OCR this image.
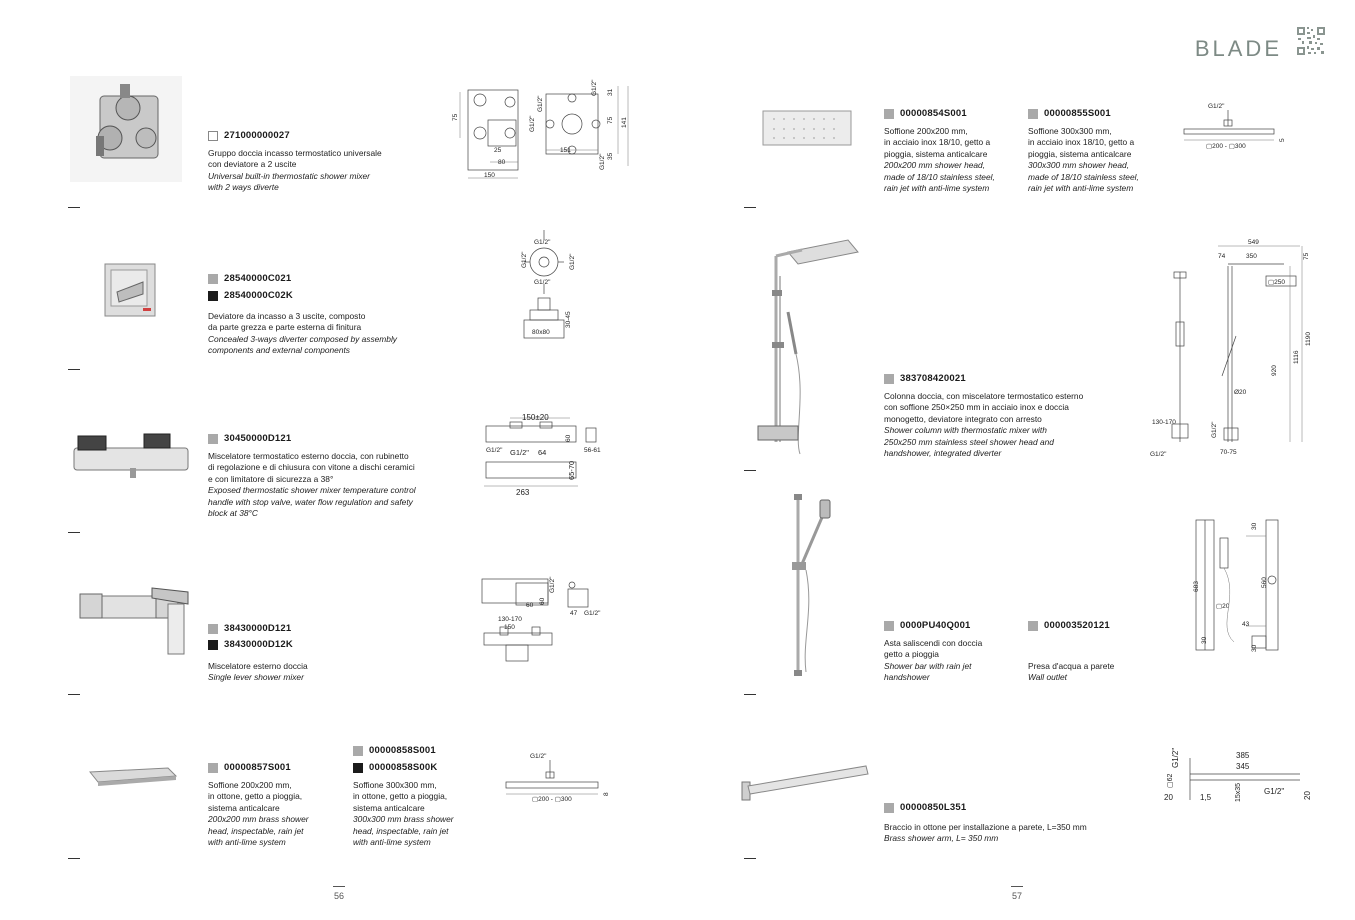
BLADE
271000000027
Gruppo doccia incasso termostatico universale
con deviatore a 2 uscite
Universal built-in thermostatic shower mixer
with 2 ways diverte
75
25
80
150
G1/2"
G1/2"
G1/2"
G1/2"
151
31
75 141
35
28540000C021
28540000C02K
Deviatore da incasso a 3 uscite, composto
da parte grezza e parte esterna di finitura
Concealed 3-ways diverter composed by assembly
components and external components
G1/2"
G1/2"	G1/2"
G1/2"
80x80
30-45
30450000D121
Miscelatore termostatico esterno doccia, con rubinetto
di regolazione e di chiusura con vitone a dischi ceramici
e con limitatore di sicurezza a 38°
Exposed thermostatic shower mixer temperature control
handle with stop valve, water flow regulation and safety
block at 38°C
150±20
60
56-61
G1/2" G1/2" 64
65-70
263
38430000D121
38430000D12K
Miscelatore esterno doccia
Single lever shower mixer
G1/2"
60
60
47 G1/2"
130-170
150
00000857S001
Soffione 200x200 mm,
in ottone, getto a pioggia,
sistema anticalcare
200x200 mm brass shower
head, inspectable, rain jet
with anti-lime system
00000858S001
00000858S00K
Soffione 300x300 mm,
in ottone, getto a pioggia,
sistema anticalcare
300x300 mm brass shower
head, inspectable, rain jet
with anti-lime system
G1/2"
▢200 - ▢300
8
56
00000854S001
Soffione 200x200 mm,
in acciaio inox 18/10, getto a
pioggia, sistema anticalcare
200x200 mm shower head,
made of 18/10 stainless steel,
rain jet with anti-lime system
00000855S001
Soffione 300x300 mm,
in acciaio inox 18/10, getto a
pioggia, sistema anticalcare
300x300 mm shower head,
made of 18/10 stainless steel,
rain jet with anti-lime system
G1/2"
▢200 - ▢300
5
383708420021
Colonna doccia, con miscelatore termostatico esterno
con soffione 250×250 mm in acciaio inox e doccia
monogetto, deviatore integrato con arresto
Shower column with thermostatic mixer with
250x250 mm stainless steel shower head and
handshower, integrated diverter
549
74	350	75
▢250
920
1116
1190
Ø20
130-170	G1/2"
G1/2"	70-75
0000PU40Q001
Asta saliscendi con doccia
getto a pioggia
Shower bar with rain jet
handshower
000003520121
Presa d'acqua a parete
Wall outlet
683
▢20
30
30
560
43
30
00000850L351
Braccio in ottone per installazione a parete, L=350 mm
Brass shower arm, L= 350 mm
385
345
G1/2"
▢62
20	1,5	15x35	G1/2" 20
57
